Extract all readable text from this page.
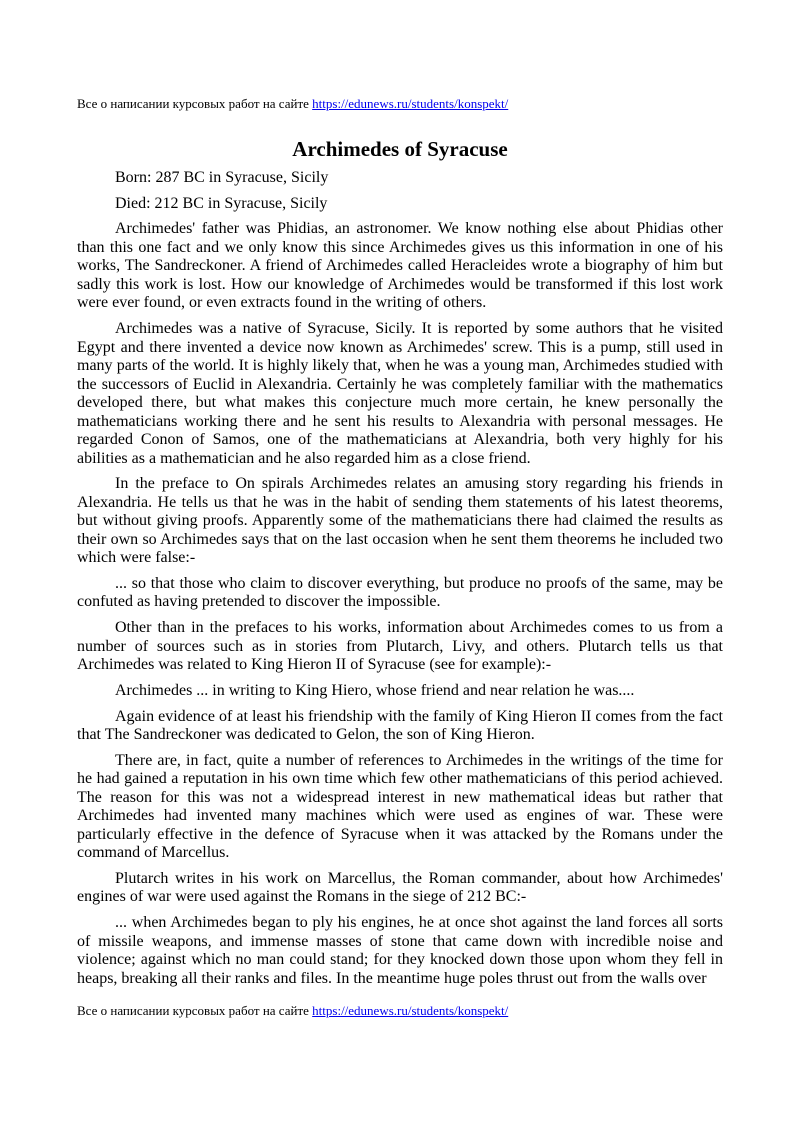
Все о написании курсовых работ на сайте https://edunews.ru/students/konspekt/
Archimedes of Syracuse

Born: 287 BC in Syracuse, Sicily

Died: 212 BC in Syracuse, Sicily

Archimedes' father was Phidias, an astronomer. We know nothing else about Phidias other than this one fact and we only know this since Archimedes gives us this information in one of his works, The Sandreckoner. A friend of Archimedes called Heracleides wrote a biography of him but sadly this work is lost. How our knowledge of Archimedes would be transformed if this lost work were ever found, or even extracts found in the writing of others.

Archimedes was a native of Syracuse, Sicily. It is reported by some authors that he visited Egypt and there invented a device now known as Archimedes' screw. This is a pump, still used in many parts of the world. It is highly likely that, when he was a young man, Archimedes studied with the successors of Euclid in Alexandria. Certainly he was completely familiar with the mathematics developed there, but what makes this conjecture much more certain, he knew personally the mathematicians working there and he sent his results to Alexandria with personal messages. He regarded Conon of Samos, one of the mathematicians at Alexandria, both very highly for his abilities as a mathematician and he also regarded him as a close friend.

In the preface to On spirals Archimedes relates an amusing story regarding his friends in Alexandria. He tells us that he was in the habit of sending them statements of his latest theorems, but without giving proofs. Apparently some of the mathematicians there had claimed the results as their own so Archimedes says that on the last occasion when he sent them theorems he included two which were false:-

... so that those who claim to discover everything, but produce no proofs of the same, may be confuted as having pretended to discover the impossible.

Other than in the prefaces to his works, information about Archimedes comes to us from a number of sources such as in stories from Plutarch, Livy, and others. Plutarch tells us that Archimedes was related to King Hieron II of Syracuse (see for example):-

Archimedes ... in writing to King Hiero, whose friend and near relation he was....

Again evidence of at least his friendship with the family of King Hieron II comes from the fact that The Sandreckoner was dedicated to Gelon, the son of King Hieron.

There are, in fact, quite a number of references to Archimedes in the writings of the time for he had gained a reputation in his own time which few other mathematicians of this period achieved. The reason for this was not a widespread interest in new mathematical ideas but rather that Archimedes had invented many machines which were used as engines of war. These were particularly effective in the defence of Syracuse when it was attacked by the Romans under the command of Marcellus.

Plutarch writes in his work on Marcellus, the Roman commander, about how Archimedes' engines of war were used against the Romans in the siege of 212 BC:-

... when Archimedes began to ply his engines, he at once shot against the land forces all sorts of missile weapons, and immense masses of stone that came down with incredible noise and violence; against which no man could stand; for they knocked down those upon whom they fell in heaps, breaking all their ranks and files. In the meantime huge poles thrust out from the walls over

Все о написании курсовых работ на сайте https://edunews.ru/students/konspekt/
